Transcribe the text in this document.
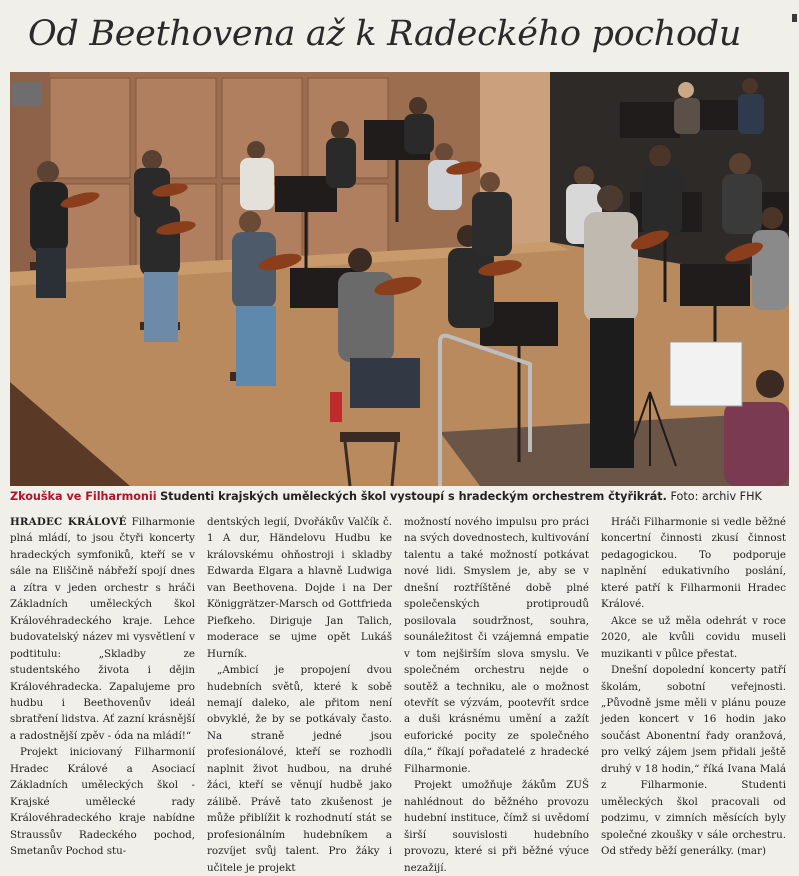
Od Beethovena až k Radeckého pochodu
Zkouška ve Filharmonii Studenti krajských uměleckých škol vystoupí s hradeckým orchestrem čtyřikrát. Foto: archiv FHK

HRADEC KRÁLOVÉ Filharmonie plná mládí, to jsou čtyři koncerty hradeckých symfoniků, kteří se v sále na Eliščině nábřeží spojí dnes a zítra v jeden orchestr s hráči Základních uměleckých škol Královéhradeckého kraje. Lehce budovatelský název mi vysvětlení v podtitulu: „Skladby ze studentského života i dějin Královéhradecka. Zapalujeme pro hudbu i Beethovenův ideál sbratření lidstva. Ať zazní krásnější a radostnější zpěv - óda na mládí!“

Projekt iniciovaný Filharmonií Hradec Králové a Asociací Základních uměleckých škol - Krajské umělecké rady Královéhradeckého kraje nabídne Straussův Radeckého pochod, Smetanův Pochod stu-

dentských legií, Dvořákův Valčík č. 1 A dur, Händelovu Hudbu ke královskému ohňostroji i skladby Edwarda Elgara a hlavně Ludwiga van Beethovena. Dojde i na Der Königgrätzer-Marsch od Gottfrieda Piefkeho. Diriguje Jan Talich, moderace se ujme opět Lukáš Hurník.

„Ambicí je propojení dvou hudebních světů, které k sobě nemají daleko, ale přitom není obvyklé, že by se potkávaly často. Na straně jedné jsou profesionálové, kteří se rozhodli naplnit život hudbou, na druhé žáci, kteří se věnují hudbě jako zálibě. Právě tato zkušenost je může přiblížit k rozhodnutí stát se profesionálním hudebníkem a rozvíjet svůj talent. Pro žáky i učitele je projekt

možností nového impulsu pro práci na svých dovednostech, kultivování talentu a také možností potkávat nové lidi. Smyslem je, aby se v dnešní roztříštěné době plné společenských protiproudů posilovala soudržnost, souhra, sounáležitost či vzájemná empatie v tom nejširším slova smyslu. Ve společném orchestru nejde o soutěž a techniku, ale o možnost otevřít se výzvám, pootevřít srdce a duši krásnému umění a zažít euforické pocity ze společného díla,“ říkají pořadatelé z hradecké Filharmonie.

Projekt umožňuje žákům ZUŠ nahlédnout do běžného provozu hudební instituce, čímž si uvědomí širší souvislosti hudebního provozu, které si při běžné výuce nezažijí.

Hráči Filharmonie si vedle běžné koncertní činnosti zkusí činnost pedagogickou. To podporuje naplnění edukativního poslání, které patří k Filharmonii Hradec Králové.

Akce se už měla odehrát v roce 2020, ale kvůli covidu museli muzikanti v půlce přestat.

Dnešní dopolední koncerty patří školám, sobotní veřejnosti. „Původně jsme měli v plánu pouze jeden koncert v 16 hodin jako součást Abonentní řady oranžová, pro velký zájem jsem přidali ještě druhý v 18 hodin,“ říká Ivana Malá z Filharmonie. Studenti uměleckých škol pracovali od podzimu, v zimních měsících byly společné zkoušky v sále orchestru. Od středy běží generálky. (mar)
